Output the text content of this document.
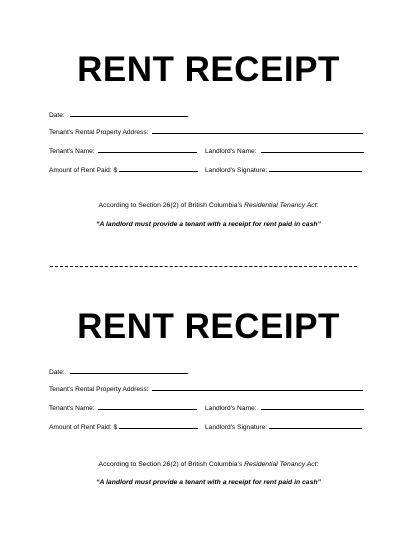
RENT RECEIPT
Date:
Tenant's Rental Property Address:
Tenant's Name:	Landlord's Name:
Amount of Rent Paid: $	Landlord's Signature:
According to Section 26(2) of British Columbia's Residential Tenancy Act:
“A landlord must provide a tenant with a receipt for rent paid in cash”
RENT RECEIPT
Date:
Tenant's Rental Property Address:
Tenant's Name:	Landlord's Name:
Amount of Rent Paid: $	Landlord's Signature:
According to Section 26(2) of British Columbia's Residential Tenancy Act:
“A landlord must provide a tenant with a receipt for rent paid in cash”
